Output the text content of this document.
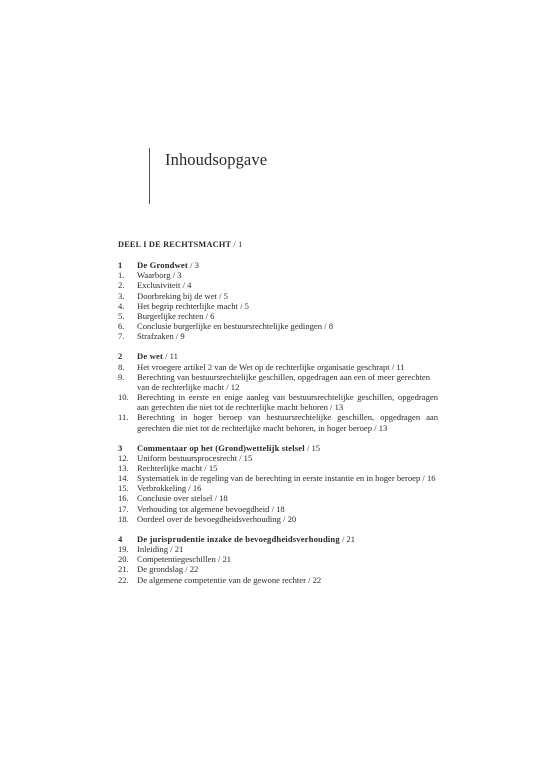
Inhoudsopgave
DEEL I DE RECHTSMACHT / 1
1	De Grondwet / 3
1.	Waarborg / 3
2.	Exclusiviteit / 4
3.	Doorbreking bij de wet / 5
4.	Het begrip rechterlijke macht / 5
5.	Burgerlijke rechten / 6
6.	Conclusie burgerlijke en bestuursrechtelijke gedingen / 8
7.	Strafzaken / 9
2	De wet / 11
8.	Het vroegere artikel 2 van de Wet op de rechterlijke organisatie geschrapt / 11
9.	Berechting van bestuursrechtelijke geschillen, opgedragen aan een of meer gerechten van de rechterlijke macht / 12
10. Berechting in eerste en enige aanleg van bestuursrechtelijke geschillen, opgedragen aan gerechten die niet tot de rechterlijke macht behoren / 13
11. Berechting in hoger beroep van bestuursrechtelijke geschillen, opgedragen aan gerechten die niet tot de rechterlijke macht behoren, in hoger beroep / 13
3	Commentaar op het (Grond)wettelijk stelsel / 15
12. Uniform bestuursprocesrecht / 15
13. Rechterlijke macht / 15
14. Systematiek in de regeling van de berechting in eerste instantie en in hoger beroep / 16
15. Verbrokkeling / 16
16. Conclusie over stelsel / 18
17. Verhouding tot algemene bevoegdheid / 18
18. Oordeel over de bevoegdheidsverhouding / 20
4	De jurisprudentie inzake de bevoegdheidsverhouding / 21
19. Inleiding / 21
20. Competentiegeschillen / 21
21. De grondslag / 22
22. De algemene competentie van de gewone rechter / 22
